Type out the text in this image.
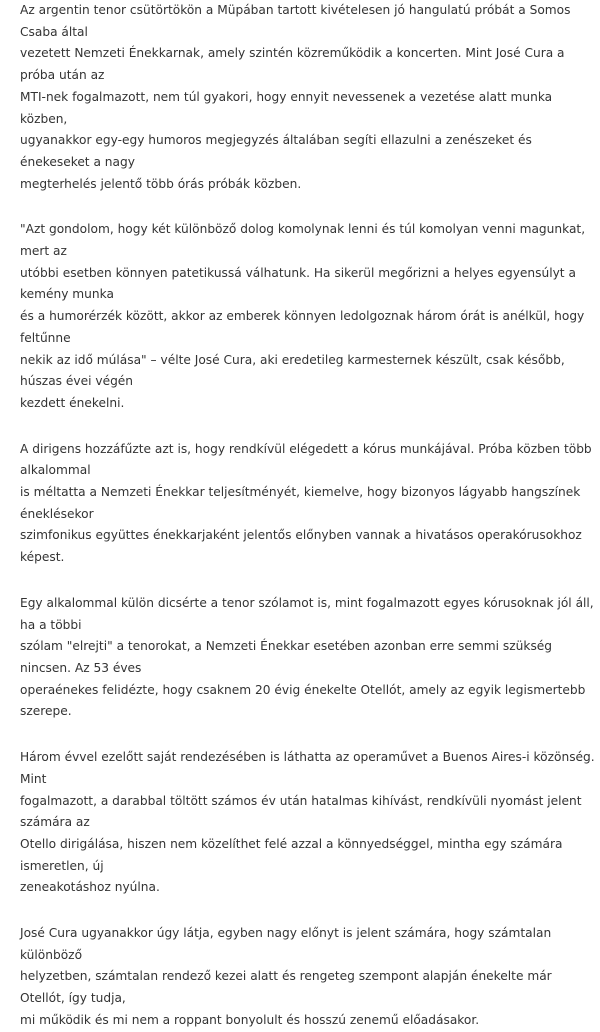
Az argentin tenor csütörtökön a Müpában tartott kivételesen jó hangulatú próbát a Somos Csaba által
vezetett Nemzeti Énekkarnak, amely szintén közreműködik a koncerten. Mint José Cura a próba után az
MTI-nek fogalmazott, nem túl gyakori, hogy ennyit nevessenek a vezetése alatt munka közben,
ugyanakkor egy-egy humoros megjegyzés általában segíti ellazulni a zenészeket és énekeseket a nagy
megterhelés jelentő több órás próbák közben.

"Azt gondolom, hogy két különböző dolog komolynak lenni és túl komolyan venni magunkat, mert az
utóbbi esetben könnyen patetikussá válhatunk. Ha sikerül megőrizni a helyes egyensúlyt a kemény munka
és a humorérzék között, akkor az emberek könnyen ledolgoznak három órát is anélkül, hogy feltűnne
nekik az idő múlása" – vélte José Cura, aki eredetileg karmesternek készült, csak később, húszas évei végén
kezdett énekelni.

A dirigens hozzáfűzte azt is, hogy rendkívül elégedett a kórus munkájával. Próba közben több alkalommal
is méltatta a Nemzeti Énekkar teljesítményét, kiemelve, hogy bizonyos lágyabb hangszínek éneklésekor
szimfonikus együttes énekkarjaként jelentős előnyben vannak a hivatásos operakórusokhoz képest.

Egy alkalommal külön dicsérte a tenor szólamot is, mint fogalmazott egyes kórusoknak jól áll, ha a többi
szólam "elrejti" a tenorokat, a Nemzeti Énekkar esetében azonban erre semmi szükség nincsen. Az 53 éves
operaénekes felidézte, hogy csaknem 20 évig énekelte Otellót, amely az egyik legismertebb szerepe.

Három évvel ezelőtt saját rendezésében is láthatta az operaművet a Buenos Aires-i közönség. Mint
fogalmazott, a darabbal töltött számos év után hatalmas kihívást, rendkívüli nyomást jelent számára az
Otello dirigálása, hiszen nem közelíthet felé azzal a könnyedséggel, mintha egy számára ismeretlen, új
zeneakotáshoz nyúlna.

José Cura ugyanakkor úgy látja, egyben nagy előnyt is jelent számára, hogy számtalan különböző
helyzetben, számtalan rendező kezei alatt és rengeteg szempont alapján énekelte már Otellót, így tudja,
mi működik és mi nem a roppant bonyolult és hosszú zenemű előadásakor.
